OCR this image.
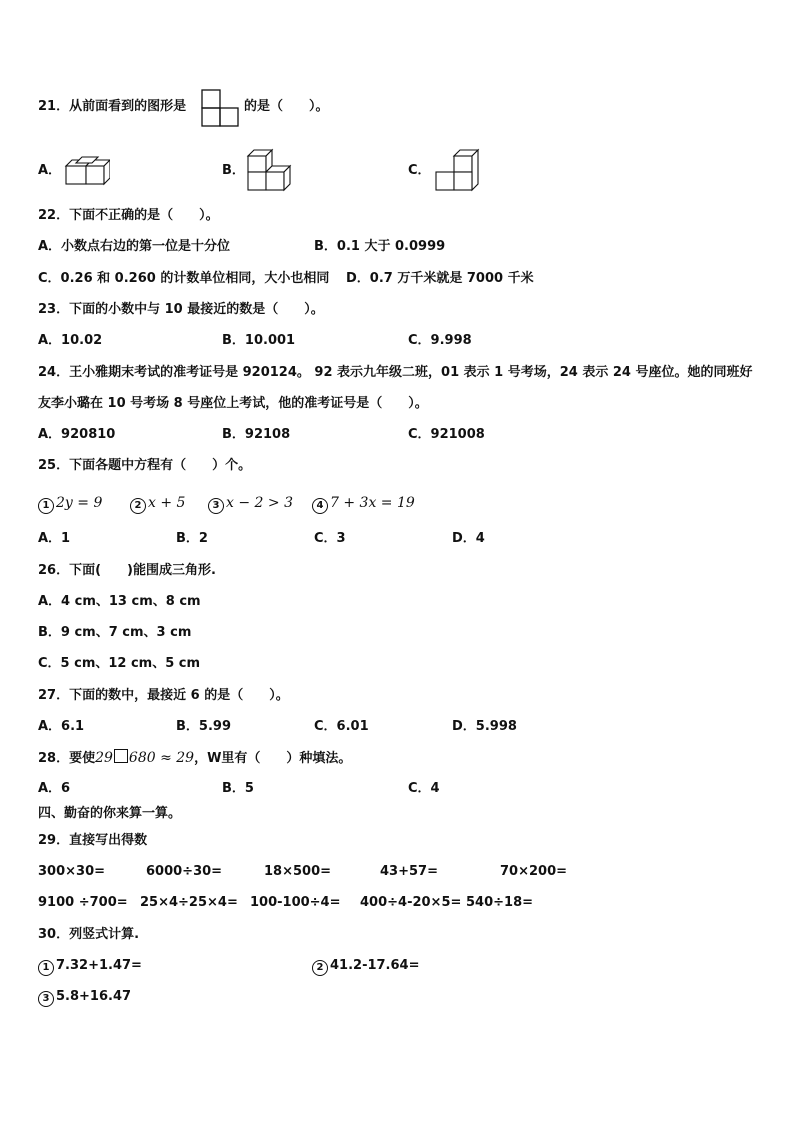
21．从前面看到的图形是	的是（　　）。
A．	B．	C．
22．下面不正确的是（　　）。
A．小数点右边的第一位是十分位	B．0.1 大于 0.0999
C．0.26 和 0.260 的计数单位相同，大小也相同 D．0.7 万千米就是 7000 千米
23．下面的小数中与 10 最接近的数是（　　）。
A．10.02	B．10.001	C．9.998
24．王小雅期末考试的准考证号是 920124。 92 表示九年级二班，01 表示 1 号考场，24 表示 24 号座位。她的同班好
友李小璐在 10 号考场 8 号座位上考试，他的准考证号是（　　）。
A．920810	B．92108	C．921008
25．下面各题中方程有（　　）个。
1 2y = 9	2 x + 5	3 x − 2 > 3	4 7 + 3x = 19
A．1	B．2	C．3	D．4
26．下面(　　)能围成三角形.
A．4 cm、13 cm、8 cm
B．9 cm、7 cm、3 cm
C．5 cm、12 cm、5 cm
27．下面的数中，最接近 6 的是（　　）。
A．6.1	B．5.99	C．6.01	D．5.998
28．要使29 680 ≈ 29，W里有（　　）种填法。
A．6	B．5	C．4
四、勤奋的你来算一算。
29．直接写出得数
300×30=	6000÷30=	18×500=	43+57=	70×200=
9100 ÷700= 25×4÷25×4= 100-100÷4= 400÷4-20×5= 540÷18=
30．列竖式计算.
1 7.32+1.47=	2 41.2-17.64=
3 5.8+16.47
